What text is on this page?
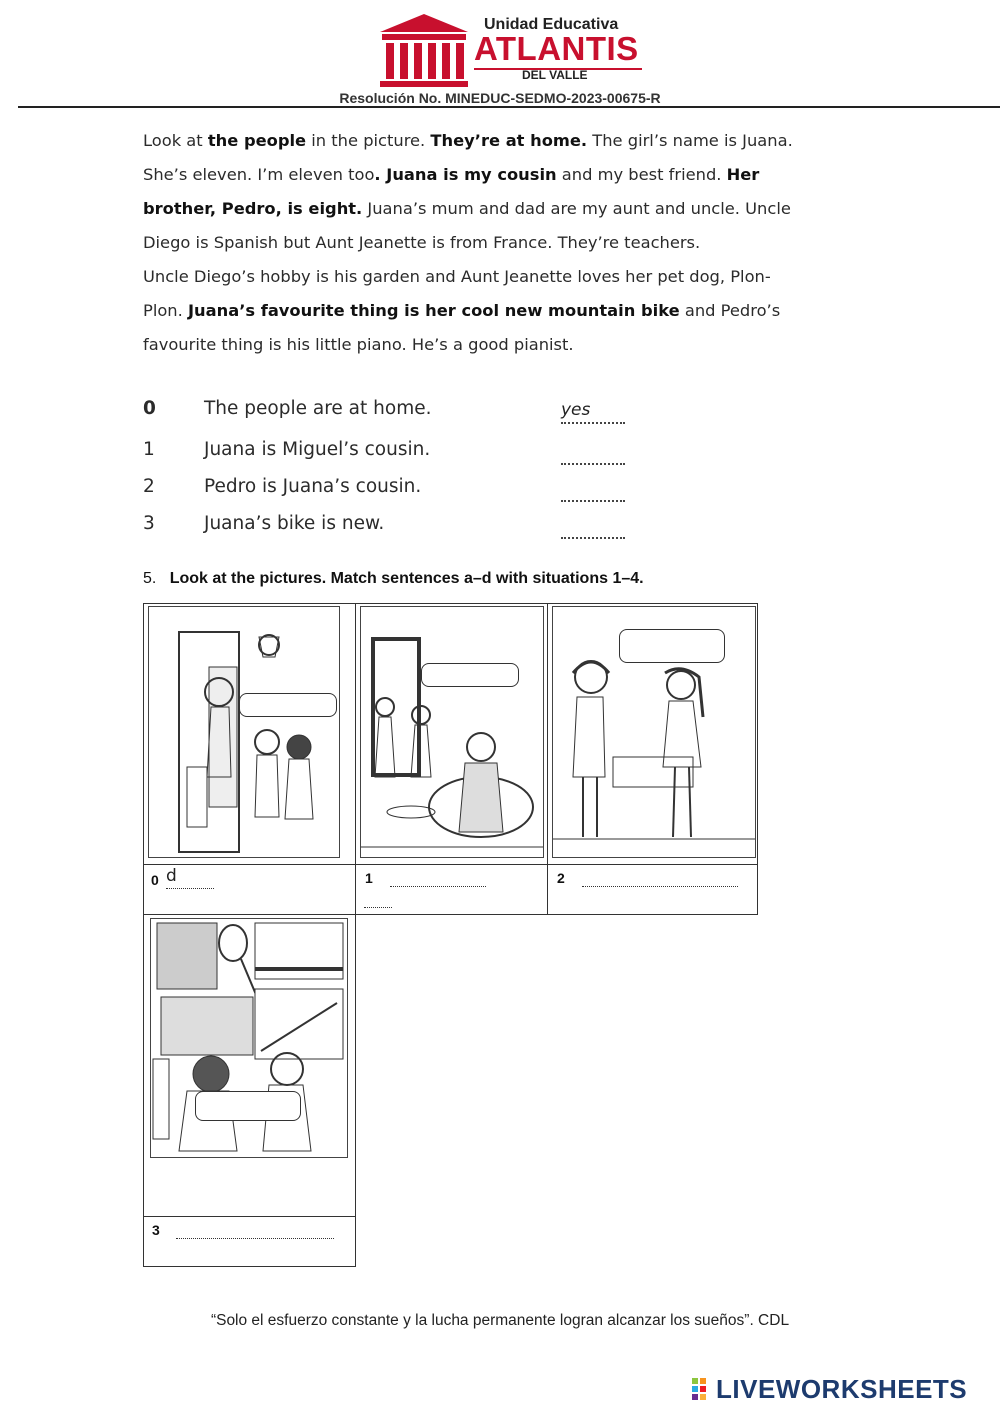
Unidad Educativa
ATLANTIS
DEL VALLE
Resolución No. MINEDUC-SEDMO-2023-00675-R

Look at the people in the picture. They’re at home. The girl’s name is Juana.

She’s eleven. I’m eleven too. Juana is my cousin and my best friend. Her

brother, Pedro, is eight. Juana’s mum and dad are my aunt and uncle. Uncle

Diego is Spanish but Aunt Jeanette is from France. They’re teachers.

Uncle Diego’s hobby is his garden and Aunt Jeanette loves her pet dog, Plon-

Plon. Juana’s favourite thing is her cool new mountain bike and Pedro’s

favourite thing is his little piano. He’s a good pianist.

0	The people are at home.	yes
1	Juana is Miguel’s cousin.
2	Pedro is Juana’s cousin.
3	Juana’s bike is new.
5. Look at the pictures. Match sentences a–d with situations 1–4.
0 d	1	2
3
“Solo el esfuerzo constante y la lucha permanente logran alcanzar los sueños”. CDL
LIVEWORKSHEETS
